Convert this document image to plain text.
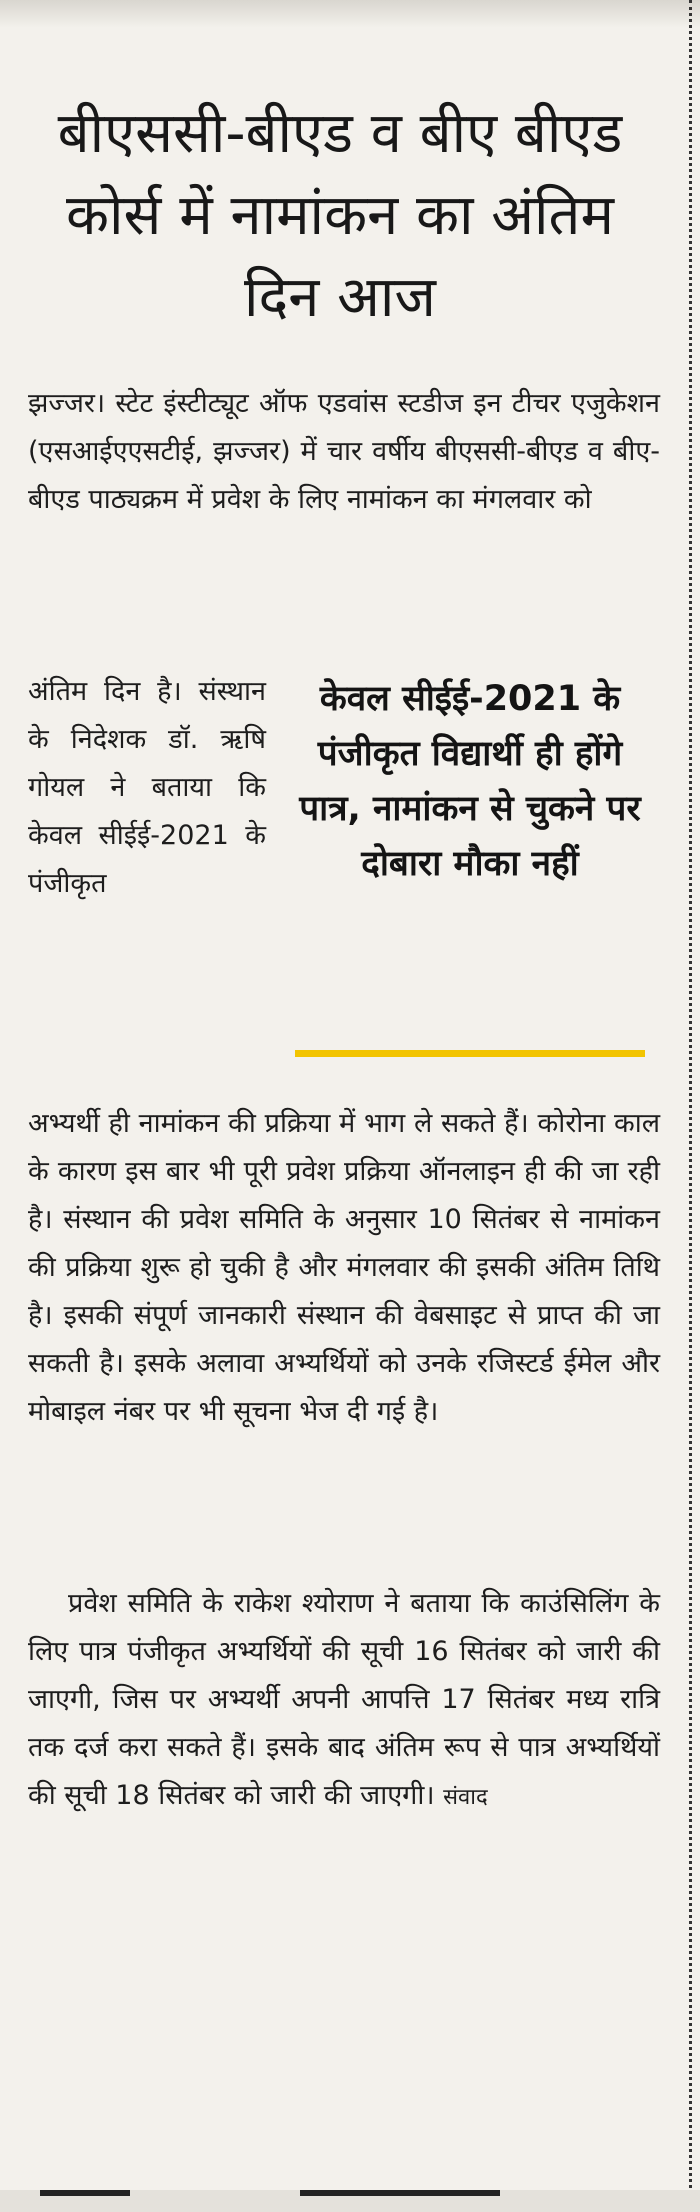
बीएससी-बीएड व बीए बीएड कोर्स में नामांकन का अंतिम दिन आज

झज्जर। स्टेट इंस्टीट्यूट ऑफ एडवांस स्टडीज इन टीचर एजुकेशन (एसआईएएसटीई, झज्जर) में चार वर्षीय बीएससी-बीएड व बीए-बीएड पाठ्यक्रम में प्रवेश के लिए नामांकन का मंगलवार को

अंतिम दिन है। संस्थान के निदेशक डॉ. ऋषि गोयल ने बताया कि केवल सीईई-2021 के पंजीकृत

केवल सीईई-2021 के पंजीकृत विद्यार्थी ही होंगे पात्र, नामांकन से चुकने पर दोबारा मौका नहीं

अभ्यर्थी ही नामांकन की प्रक्रिया में भाग ले सकते हैं। कोरोना काल के कारण इस बार भी पूरी प्रवेश प्रक्रिया ऑनलाइन ही की जा रही है। संस्थान की प्रवेश समिति के अनुसार 10 सितंबर से नामांकन की प्रक्रिया शुरू हो चुकी है और मंगलवार की इसकी अंतिम तिथि है। इसकी संपूर्ण जानकारी संस्थान की वेबसाइट से प्राप्त की जा सकती है। इसके अलावा अभ्यर्थियों को उनके रजिस्टर्ड ईमेल और मोबाइल नंबर पर भी सूचना भेज दी गई है।

प्रवेश समिति के राकेश श्योराण ने बताया कि काउंसिलिंग के लिए पात्र पंजीकृत अभ्यर्थियों की सूची 16 सितंबर को जारी की जाएगी, जिस पर अभ्यर्थी अपनी आपत्ति 17 सितंबर मध्य रात्रि तक दर्ज करा सकते हैं। इसके बाद अंतिम रूप से पात्र अभ्यर्थियों की सूची 18 सितंबर को जारी की जाएगी। संवाद
